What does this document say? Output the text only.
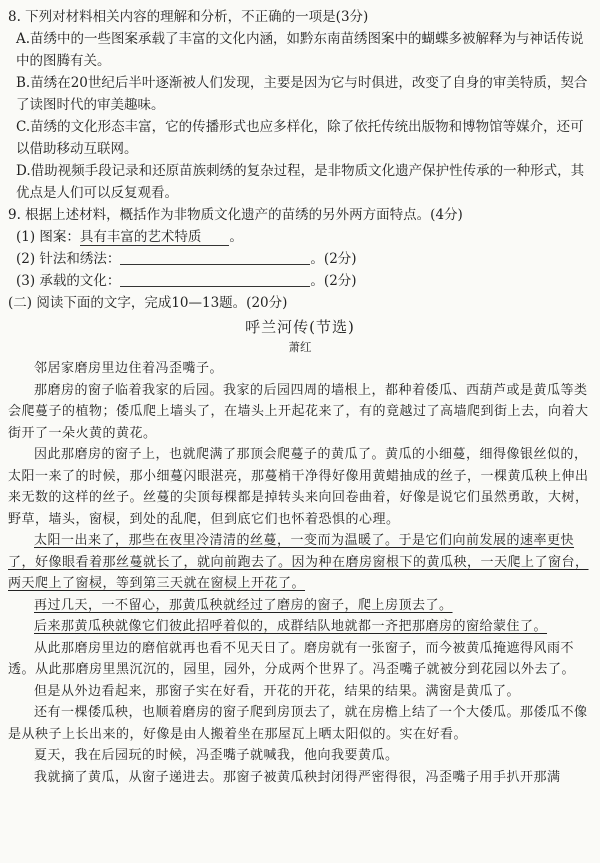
8. 下列对材料相关内容的理解和分析，不正确的一项是(3分)

A.苗绣中的一些图案承载了丰富的文化内涵，如黔东南苗绣图案中的蝴蝶多被解释为与神话传说中的图腾有关。

B.苗绣在20世纪后半叶逐渐被人们发现，主要是因为它与时俱进，改变了自身的审美特质，契合了读图时代的审美趣味。

C.苗绣的文化形态丰富，它的传播形式也应多样化，除了依托传统出版物和博物馆等媒介，还可以借助移动互联网。

D.借助视频手段记录和还原苗族刺绣的复杂过程，是非物质文化遗产保护性传承的一种形式，其优点是人们可以反复观看。

9. 根据上述材料，概括作为非物质文化遗产的苗绣的另外两方面特点。(4分)

(1) 图案：具有丰富的艺术特质 。

(2) 针法和绣法：	。(2分)

(3) 承载的文化：	。(2分)

(二) 阅读下面的文字，完成10—13题。(20分)

呼兰河传(节选)

萧红

邻居家磨房里边住着冯歪嘴子。

那磨房的窗子临着我家的后园。我家的后园四周的墙根上，都种着倭瓜、西葫芦或是黄瓜等类会爬蔓子的植物；倭瓜爬上墙头了，在墙头上开起花来了，有的竟越过了高墙爬到街上去，向着大街开了一朵火黄的黄花。

因此那磨房的窗子上，也就爬满了那顶会爬蔓子的黄瓜了。黄瓜的小细蔓，细得像银丝似的，太阳一来了的时候，那小细蔓闪眼湛亮，那蔓梢干净得好像用黄蜡抽成的丝子，一棵黄瓜秧上伸出来无数的这样的丝子。丝蔓的尖顶每棵都是掉转头来向回卷曲着，好像是说它们虽然勇敢，大树，野草，墙头，窗棂，到处的乱爬，但到底它们也怀着恐惧的心理。

太阳一出来了，那些在夜里冷清清的丝蔓，一变而为温暖了。于是它们向前发展的速率更快了，好像眼看着那丝蔓就长了，就向前跑去了。因为种在磨房窗根下的黄瓜秧，一天爬上了窗台，两天爬上了窗棂，等到第三天就在窗棂上开花了。

再过几天，一不留心，那黄瓜秧就经过了磨房的窗子，爬上房顶去了。

后来那黄瓜秧就像它们彼此招呼着似的，成群结队地就都一齐把那磨房的窗给蒙住了。

从此那磨房里边的磨倌就再也看不见天日了。磨房就有一张窗子，而今被黄瓜掩遮得风雨不透。从此那磨房里黑沉沉的，园里，园外，分成两个世界了。冯歪嘴子就被分到花园以外去了。

但是从外边看起来，那窗子实在好看，开花的开花，结果的结果。满窗是黄瓜了。

还有一棵倭瓜秧，也顺着磨房的窗子爬到房顶去了，就在房檐上结了一个大倭瓜。那倭瓜不像是从秧子上长出来的，好像是由人搬着坐在那屋瓦上晒太阳似的。实在好看。

夏天，我在后园玩的时候，冯歪嘴子就喊我，他向我要黄瓜。

我就摘了黄瓜，从窗子递进去。那窗子被黄瓜秧封闭得严密得很，冯歪嘴子用手扒开那满
